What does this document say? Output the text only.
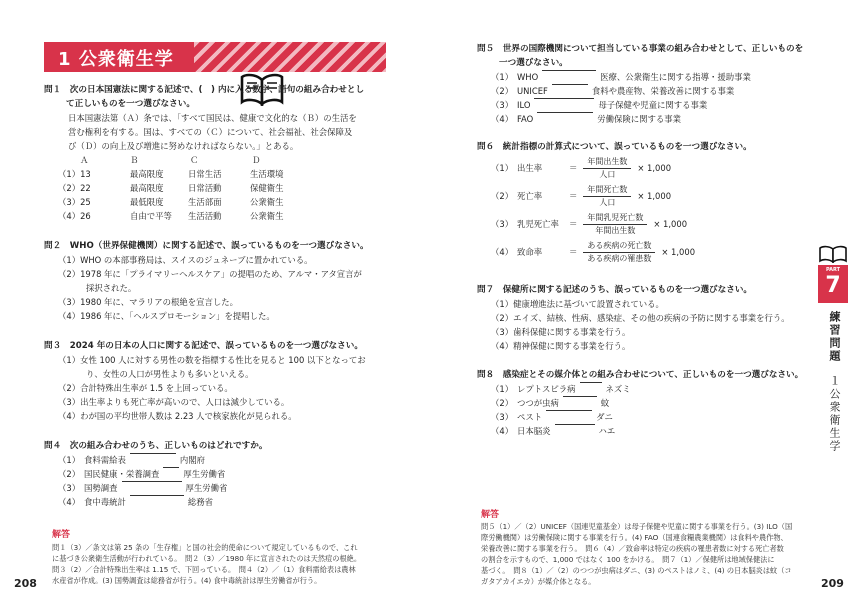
1 公衆衛生学
問１　次の日本国憲法に関する記述で、(　) 内に入る数字、語句の組み合わせとし
て正しいものを一つ選びなさい。
日本国憲法第（Ａ）条では、「すべて国民は、健康で文化的な（Ｂ）の生活を
営む権利を有する。国は、すべての（Ｃ）について、社会福祉、社会保障及
び（Ｄ）の向上及び増進に努めなければならない。」とある。
Ａ	Ｂ	Ｃ	Ｄ
（1）13	最高限度	日常生活	生活環境
（2）22	最高限度	日常活動	保健衛生
（3）25	最低限度	生活部面	公衆衛生
（4）26	自由で平等	生活活動	公衆衛生
問２　WHO（世界保健機関）に関する記述で、誤っているものを一つ選びなさい。
（1）WHO の本部事務局は、スイスのジュネーブに置かれている。
（2）1978 年に「プライマリーヘルスケア」の提唱のため、アルマ・アタ宣言が
採択された。
（3）1980 年に、マラリアの根絶を宣言した。
（4）1986 年に、「ヘルスプロモーション」を提唱した。
問３　2024 年の日本の人口に関する記述で、誤っているものを一つ選びなさい。
（1）女性 100 人に対する男性の数を指標する性比を見ると 100 以下となってお
り、女性の人口が男性よりも多いといえる。
（2）合計特殊出生率が 1.5 を上回っている。
（3）出生率よりも死亡率が高いので、人口は減少している。
（4）わが国の平均世帯人数は 2.23 人で核家族化が見られる。
問４　次の組み合わせのうち、正しいものはどれですか。
（1） 食料需給表	内閣府
（2） 国民健康・栄養調査	厚生労働省
（3） 国勢調査	厚生労働省
（4） 食中毒統計	総務省
解答
問１（3）／条文は第 25 条の「生存権」と国の社会的使命について規定しているもので、これ
に基づき公衆衛生活動が行われている。　問２（3）／1980 年に宣言されたのは天然痘の根絶。
問３（2）／合計特殊出生率は 1.15 で、下回っている。　問４（2）／（1）食料需給表は農林
水産省が作成。(3) 国勢調査は総務省が行う。(4) 食中毒統計は厚生労働省が行う。
208
問５　世界の国際機関について担当している事業の組み合わせとして、正しいものを
一つ選びなさい。
（1） WHO	医療、公衆衛生に関する指導・援助事業
（2） UNICEF	食料や農産物、栄養改善に関する事業
（3） ILO	母子保健や児童に関する事業
（4） FAO	労働保険に関する事業
問６　統計指標の計算式について、誤っているものを一つ選びなさい。
（1） 出生率	＝ $\frac{\text{年間出生数}}{\text{人口}} \times 1,000$
（2） 死亡率	＝ $\frac{\text{年間死亡数}}{\text{人口}} \times 1,000$
（3） 乳児死亡率	＝ $\frac{\text{年間乳児死亡数}}{\text{年間出生数}} \times 1,000$
（4） 致命率	＝ $\frac{\text{ある疾病の死亡数}}{\text{ある疾病の罹患数}} \times 1,000$
問７　保健所に関する記述のうち、誤っているものを一つ選びなさい。
（1）健康増進法に基づいて設置されている。
（2）エイズ、結核、性病、感染症、その他の疾病の予防に関する事業を行う。
（3）歯科保健に関する事業を行う。
（4）精神保健に関する事業を行う。
問８　感染症とその媒介体との組み合わせについて、正しいものを一つ選びなさい。
（1） レプトスピラ病	ネズミ
（2） つつが虫病	蚊
（3） ペスト	ダニ
（4） 日本脳炎	ハエ
解答
問５（1）／（2）UNICEF（国連児童基金）は母子保健や児童に関する事業を行う。(3) ILO（国
際労働機関）は労働保険に関する事業を行う。(4) FAO（国連食糧農業機関）は食料や農作物、
栄養改善に関する事業を行う。　問６（4）／致命率は特定の疾病の罹患者数に対する死亡者数
の割合を示すもので、1,000 ではなく 100 をかける。　問７（1）／保健所は地域保健法に
基づく。　問８（1）／（2）のつつが虫病はダニ、(3) のペストはノミ、(4) の日本脳炎は蚊（コ
ガタアカイエカ）が媒介体となる。
PART
7
練習問題
１公衆衛生学
209
